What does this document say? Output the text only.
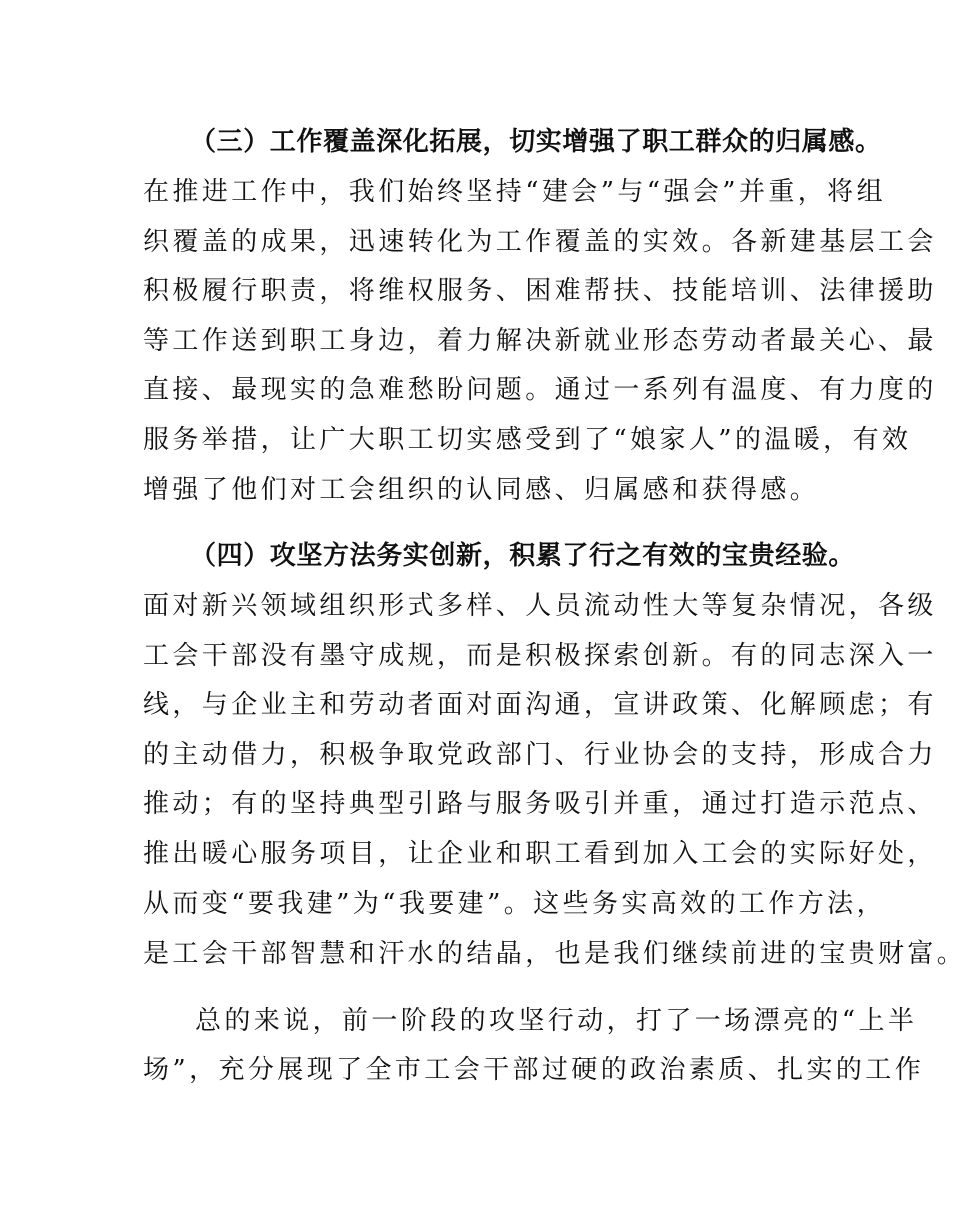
（三）工作覆盖深化拓展，切实增强了职工群众的归属感。
在推进工作中，我们始终坚持“建会”与“强会”并重，将组
织覆盖的成果，迅速转化为工作覆盖的实效。各新建基层工会
积极履行职责，将维权服务、困难帮扶、技能培训、法律援助
等工作送到职工身边，着力解决新就业形态劳动者最关心、最
直接、最现实的急难愁盼问题。通过一系列有温度、有力度的
服务举措，让广大职工切实感受到了“娘家人”的温暖，有效
增强了他们对工会组织的认同感、归属感和获得感。
（四）攻坚方法务实创新，积累了行之有效的宝贵经验。
面对新兴领域组织形式多样、人员流动性大等复杂情况，各级
工会干部没有墨守成规，而是积极探索创新。有的同志深入一
线，与企业主和劳动者面对面沟通，宣讲政策、化解顾虑；有
的主动借力，积极争取党政部门、行业协会的支持，形成合力
推动；有的坚持典型引路与服务吸引并重，通过打造示范点、
推出暖心服务项目，让企业和职工看到加入工会的实际好处，
从而变“要我建”为“我要建”。这些务实高效的工作方法，
是工会干部智慧和汗水的结晶，也是我们继续前进的宝贵财富。
总的来说，前一阶段的攻坚行动，打了一场漂亮的“上半
场”，充分展现了全市工会干部过硬的政治素质、扎实的工作
